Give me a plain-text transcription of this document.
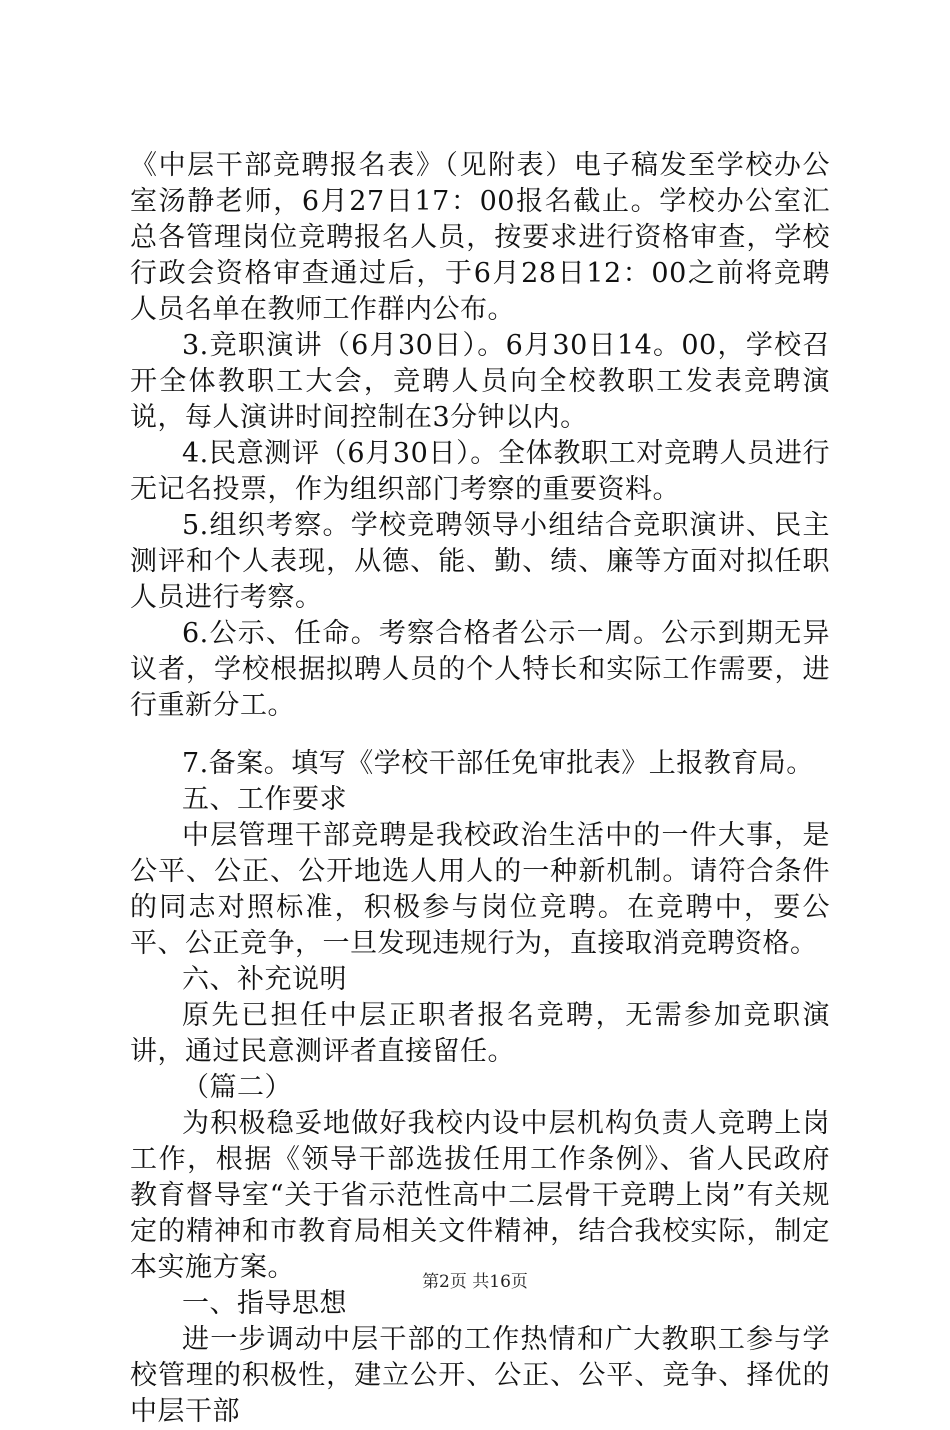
《中层干部竞聘报名表》（见附表）电子稿发至学校办公室汤静老师，6月27日17：00报名截止。学校办公室汇总各管理岗位竞聘报名人员，按要求进行资格审查，学校行政会资格审查通过后，于6月28日12：00之前将竞聘人员名单在教师工作群内公布。

3.竞职演讲（6月30日）。6月30日14。00，学校召开全体教职工大会，竞聘人员向全校教职工发表竞聘演说，每人演讲时间控制在3分钟以内。

4.民意测评（6月30日）。全体教职工对竞聘人员进行无记名投票，作为组织部门考察的重要资料。

5.组织考察。学校竞聘领导小组结合竞职演讲、民主测评和个人表现，从德、能、勤、绩、廉等方面对拟任职人员进行考察。

6.公示、任命。考察合格者公示一周。公示到期无异议者，学校根据拟聘人员的个人特长和实际工作需要，进行重新分工。

7.备案。填写《学校干部任免审批表》上报教育局。

五、工作要求

中层管理干部竞聘是我校政治生活中的一件大事，是公平、公正、公开地选人用人的一种新机制。请符合条件的同志对照标准，积极参与岗位竞聘。在竞聘中，要公平、公正竞争，一旦发现违规行为，直接取消竞聘资格。

六、补充说明

原先已担任中层正职者报名竞聘，无需参加竞职演讲，通过民意测评者直接留任。

（篇二）

为积极稳妥地做好我校内设中层机构负责人竞聘上岗工作，根据《领导干部选拔任用工作条例》、省人民政府教育督导室“关于省示范性高中二层骨干竞聘上岗”有关规定的精神和市教育局相关文件精神，结合我校实际，制定本实施方案。

一、指导思想

进一步调动中层干部的工作热情和广大教职工参与学校管理的积极性，建立公开、公正、公平、竞争、择优的中层干部

第2页 共16页
